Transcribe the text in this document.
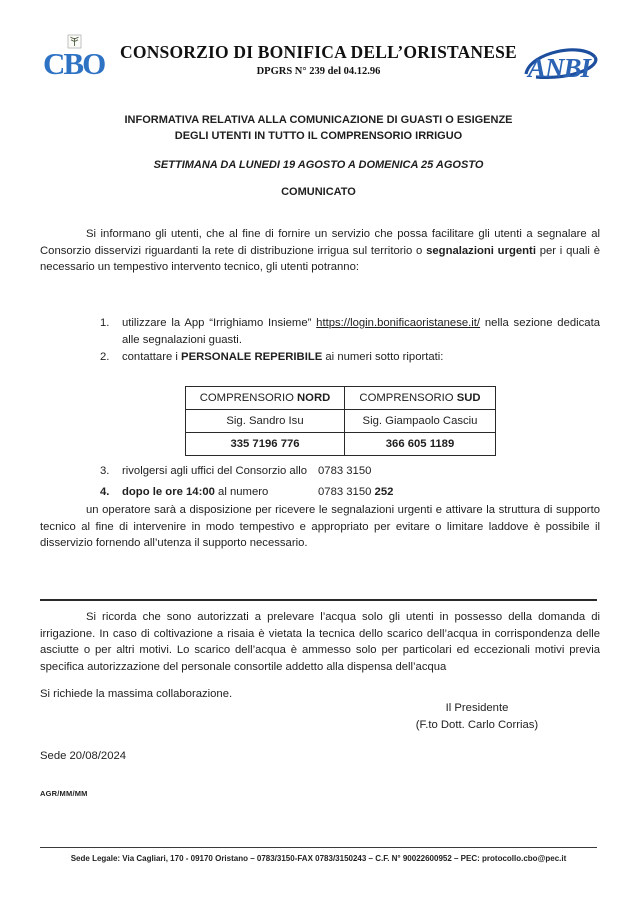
CBO CONSORZIO DI BONIFICA DELL’ORISTANESE
DPGRS N° 239 del 04.12.96	ANBI
INFORMATIVA RELATIVA ALLA COMUNICAZIONE DI GUASTI O ESIGENZE
DEGLI UTENTI IN TUTTO IL COMPRENSORIO IRRIGUO
SETTIMANA DA LUNEDI 19 AGOSTO A DOMENICA 25 AGOSTO
COMUNICATO

Si informano gli utenti, che al fine di fornire un servizio che possa facilitare gli utenti a segnalare al Consorzio disservizi riguardanti la rete di distribuzione irrigua sul territorio o segnalazioni urgenti per i quali è necessario un tempestivo intervento tecnico, gli utenti potranno:

1.	utilizzare la App “Irrighiamo Insieme” https://login.bonificaoristanese.it/ nella sezione dedicata alle segnalazioni guasti.
2.	contattare i PERSONALE REPERIBILE ai numeri sotto riportati:
COMPRENSORIO NORD	COMPRENSORIO SUD
Sig. Sandro Isu	Sig. Giampaolo Casciu
335 7196 776	366 605 1189
3.	rivolgersi agli uffici del Consorzio allo 0783 3150
4.	dopo le ore 14:00 al numero	0783 3150 252

un operatore sarà a disposizione per ricevere le segnalazioni urgenti e attivare la struttura di supporto tecnico al fine di intervenire in modo tempestivo e appropriato per evitare o limitare laddove è possibile il disservizio fornendo all’utenza il supporto necessario.

Si ricorda che sono autorizzati a prelevare l’acqua solo gli utenti in possesso della domanda di irrigazione. In caso di coltivazione a risaia è vietata la tecnica dello scarico dell’acqua in corrispondenza delle asciutte o per altri motivi. Lo scarico dell’acqua è ammesso solo per particolari ed eccezionali motivi previa specifica autorizzazione del personale consortile addetto alla dispensa dell’acqua

Si richiede la massima collaborazione.
Il Presidente
(F.to Dott. Carlo Corrias)
Sede 20/08/2024
AGR/MM/MM
Sede Legale: Via Cagliari, 170 - 09170 Oristano – 0783/3150-FAX 0783/3150243 – C.F. N° 90022600952 – PEC: protocollo.cbo@pec.it
